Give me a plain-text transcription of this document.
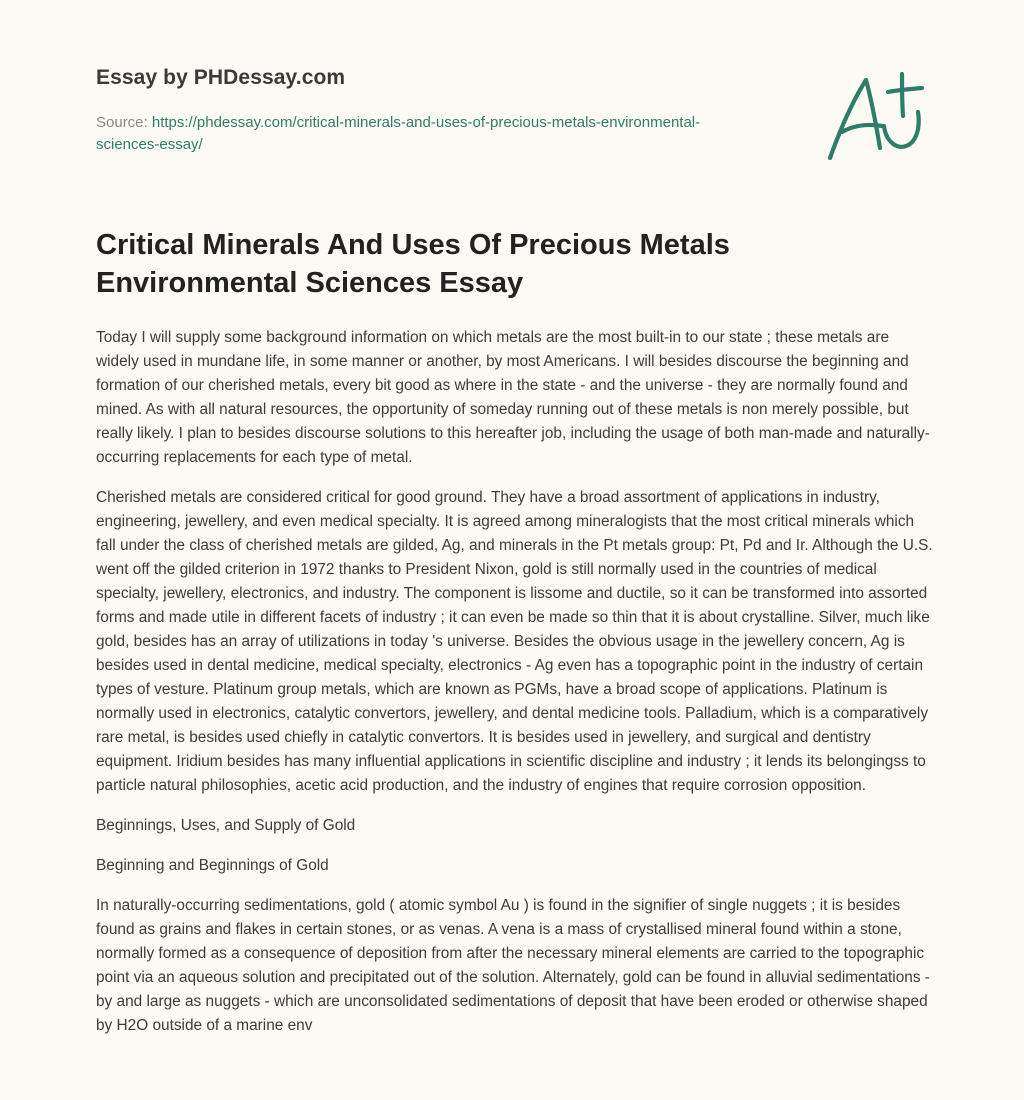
Essay by PHDessay.com

Source: https://phdessay.com/critical-minerals-and-uses-of-precious-metals-environmental-sciences-essay/

Critical Minerals And Uses Of Precious Metals Environmental Sciences Essay

Today I will supply some background information on which metals are the most built-in to our state ; these metals are widely used in mundane life, in some manner or another, by most Americans. I will besides discourse the beginning and formation of our cherished metals, every bit good as where in the state - and the universe - they are normally found and mined. As with all natural resources, the opportunity of someday running out of these metals is non merely possible, but really likely. I plan to besides discourse solutions to this hereafter job, including the usage of both man-made and naturally-occurring replacements for each type of metal.

Cherished metals are considered critical for good ground. They have a broad assortment of applications in industry, engineering, jewellery, and even medical specialty. It is agreed among mineralogists that the most critical minerals which fall under the class of cherished metals are gilded, Ag, and minerals in the Pt metals group: Pt, Pd and Ir. Although the U.S. went off the gilded criterion in 1972 thanks to President Nixon, gold is still normally used in the countries of medical specialty, jewellery, electronics, and industry. The component is lissome and ductile, so it can be transformed into assorted forms and made utile in different facets of industry ; it can even be made so thin that it is about crystalline. Silver, much like gold, besides has an array of utilizations in today 's universe. Besides the obvious usage in the jewellery concern, Ag is besides used in dental medicine, medical specialty, electronics - Ag even has a topographic point in the industry of certain types of vesture. Platinum group metals, which are known as PGMs, have a broad scope of applications. Platinum is normally used in electronics, catalytic convertors, jewellery, and dental medicine tools. Palladium, which is a comparatively rare metal, is besides used chiefly in catalytic convertors. It is besides used in jewellery, and surgical and dentistry equipment. Iridium besides has many influential applications in scientific discipline and industry ; it lends its belongingss to particle natural philosophies, acetic acid production, and the industry of engines that require corrosion opposition.

Beginnings, Uses, and Supply of Gold

Beginning and Beginnings of Gold

In naturally-occurring sedimentations, gold ( atomic symbol Au ) is found in the signifier of single nuggets ; it is besides found as grains and flakes in certain stones, or as venas. A vena is a mass of crystallised mineral found within a stone, normally formed as a consequence of deposition from after the necessary mineral elements are carried to the topographic point via an aqueous solution and precipitated out of the solution. Alternately, gold can be found in alluvial sedimentations - by and large as nuggets - which are unconsolidated sedimentations of deposit that have been eroded or otherwise shaped by H2O outside of a marine env
